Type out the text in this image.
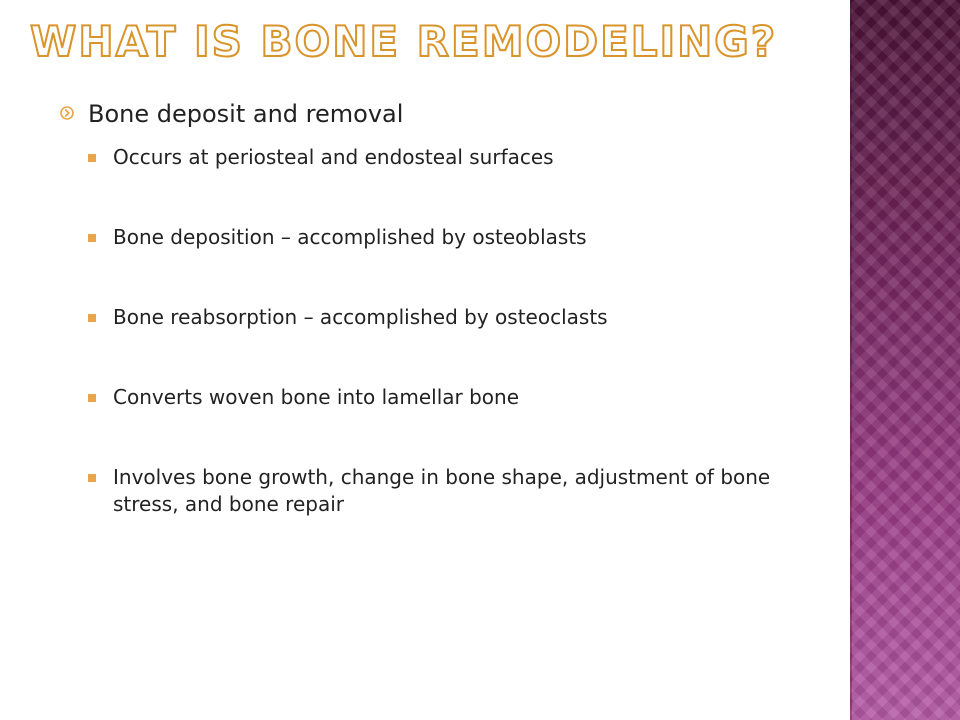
WHAT IS BONE REMODELING?
Bone deposit and removal
Occurs at periosteal and endosteal surfaces
Bone deposition – accomplished by osteoblasts
Bone reabsorption – accomplished by osteoclasts
Converts woven bone into lamellar bone
Involves bone growth, change in bone shape, adjustment of bone stress, and bone repair
